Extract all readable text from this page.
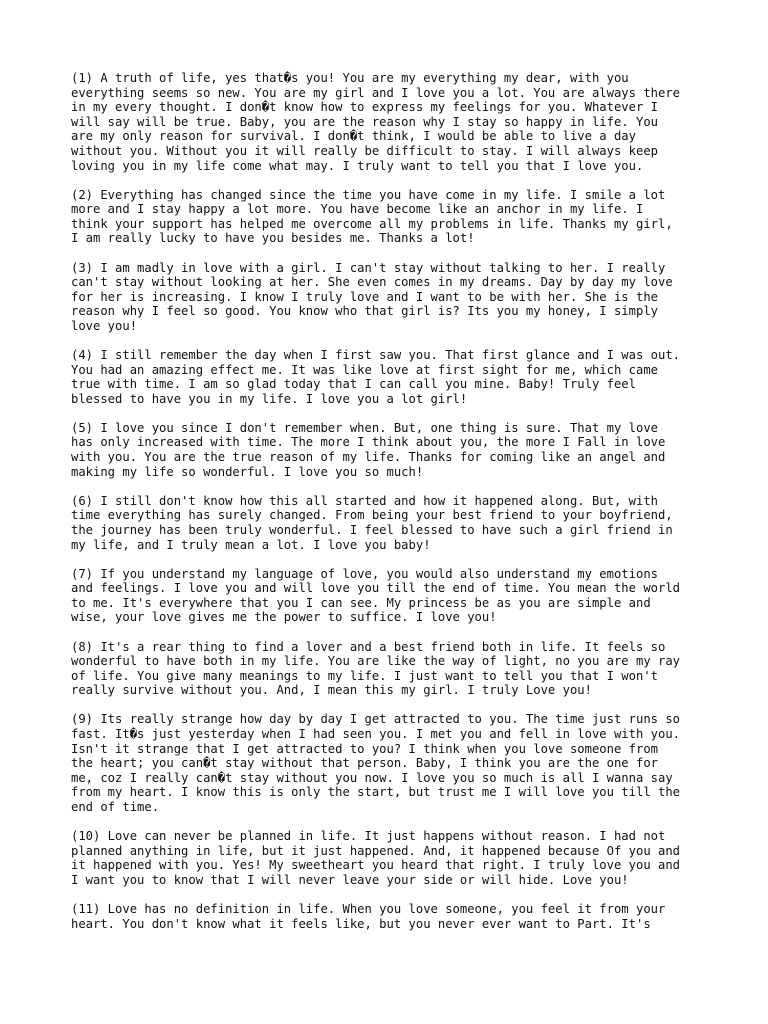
(1) A truth of life, yes that�s you! You are my everything my dear, with you
everything seems so new. You are my girl and I love you a lot. You are always there
in my every thought. I don�t know how to express my feelings for you. Whatever I
will say will be true. Baby, you are the reason why I stay so happy in life. You
are my only reason for survival. I don�t think, I would be able to live a day
without you. Without you it will really be difficult to stay. I will always keep
loving you in my life come what may. I truly want to tell you that I love you.

(2) Everything has changed since the time you have come in my life. I smile a lot
more and I stay happy a lot more. You have become like an anchor in my life. I
think your support has helped me overcome all my problems in life. Thanks my girl,
I am really lucky to have you besides me. Thanks a lot!

(3) I am madly in love with a girl. I can't stay without talking to her. I really
can't stay without looking at her. She even comes in my dreams. Day by day my love
for her is increasing. I know I truly love and I want to be with her. She is the
reason why I feel so good. You know who that girl is? Its you my honey, I simply
love you!

(4) I still remember the day when I first saw you. That first glance and I was out.
You had an amazing effect me. It was like love at first sight for me, which came
true with time. I am so glad today that I can call you mine. Baby! Truly feel
blessed to have you in my life. I love you a lot girl!

(5) I love you since I don't remember when. But, one thing is sure. That my love
has only increased with time. The more I think about you, the more I Fall in love
with you. You are the true reason of my life. Thanks for coming like an angel and
making my life so wonderful. I love you so much!

(6) I still don't know how this all started and how it happened along. But, with
time everything has surely changed. From being your best friend to your boyfriend,
the journey has been truly wonderful. I feel blessed to have such a girl friend in
my life, and I truly mean a lot. I love you baby!

(7) If you understand my language of love, you would also understand my emotions
and feelings. I love you and will love you till the end of time. You mean the world
to me. It's everywhere that you I can see. My princess be as you are simple and
wise, your love gives me the power to suffice. I love you!

(8) It's a rear thing to find a lover and a best friend both in life. It feels so
wonderful to have both in my life. You are like the way of light, no you are my ray
of life. You give many meanings to my life. I just want to tell you that I won't
really survive without you. And, I mean this my girl. I truly Love you!

(9) Its really strange how day by day I get attracted to you. The time just runs so
fast. It�s just yesterday when I had seen you. I met you and fell in love with you.
Isn't it strange that I get attracted to you? I think when you love someone from
the heart; you can�t stay without that person. Baby, I think you are the one for
me, coz I really can�t stay without you now. I love you so much is all I wanna say
from my heart. I know this is only the start, but trust me I will love you till the
end of time.

(10) Love can never be planned in life. It just happens without reason. I had not
planned anything in life, but it just happened. And, it happened because Of you and
it happened with you. Yes! My sweetheart you heard that right. I truly love you and
I want you to know that I will never leave your side or will hide. Love you!

(11) Love has no definition in life. When you love someone, you feel it from your
heart. You don't know what it feels like, but you never ever want to Part. It's
